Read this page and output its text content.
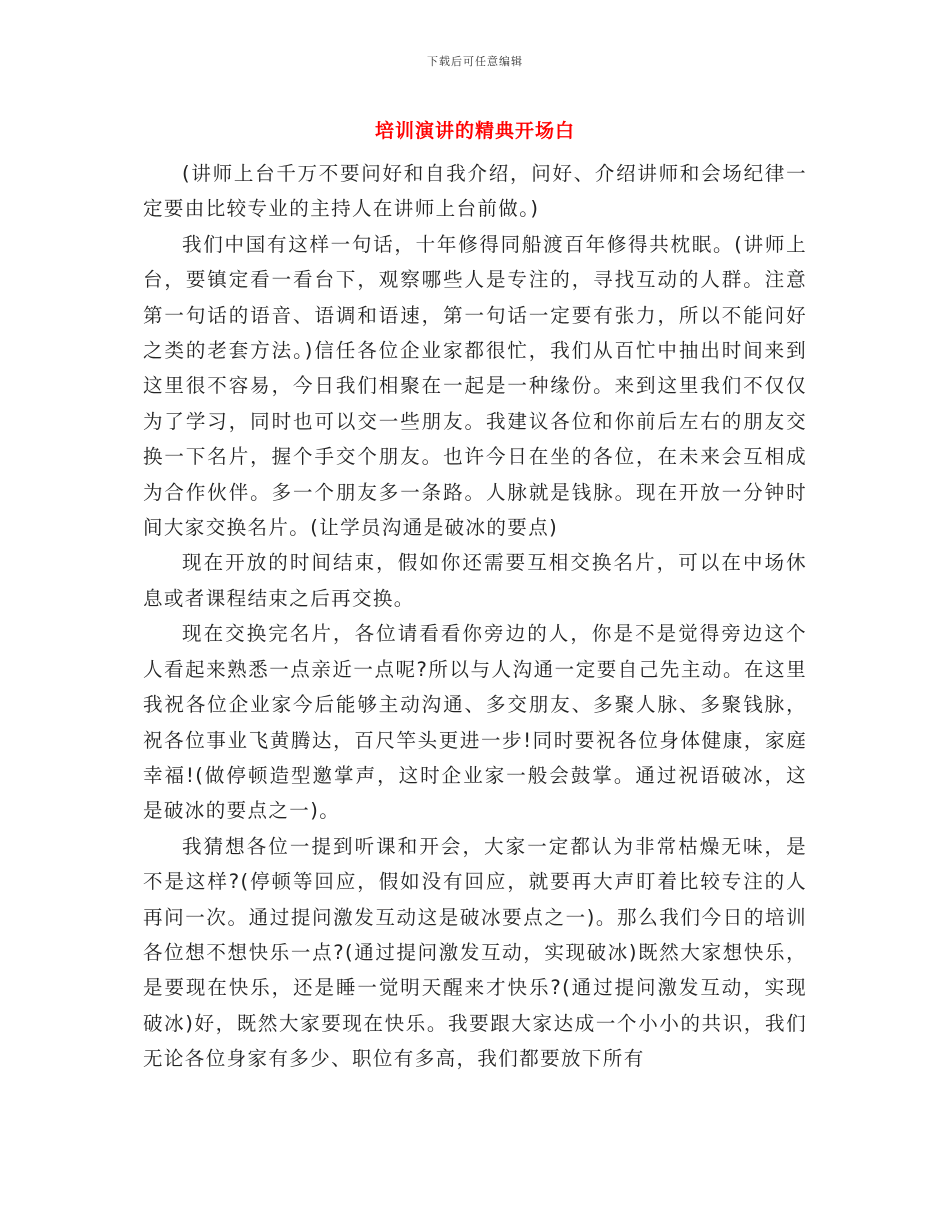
下载后可任意编辑
培训演讲的精典开场白

(讲师上台千万不要问好和自我介绍，问好、介绍讲师和会场纪律一定要由比较专业的主持人在讲师上台前做。)

我们中国有这样一句话，十年修得同船渡百年修得共枕眠。(讲师上台，要镇定看一看台下，观察哪些人是专注的，寻找互动的人群。注意第一句话的语音、语调和语速，第一句话一定要有张力，所以不能问好之类的老套方法。)信任各位企业家都很忙，我们从百忙中抽出时间来到这里很不容易，今日我们相聚在一起是一种缘份。来到这里我们不仅仅为了学习，同时也可以交一些朋友。我建议各位和你前后左右的朋友交换一下名片，握个手交个朋友。也许今日在坐的各位，在未来会互相成为合作伙伴。多一个朋友多一条路。人脉就是钱脉。现在开放一分钟时间大家交换名片。(让学员沟通是破冰的要点)

现在开放的时间结束，假如你还需要互相交换名片，可以在中场休息或者课程结束之后再交换。

现在交换完名片，各位请看看你旁边的人，你是不是觉得旁边这个人看起来熟悉一点亲近一点呢?所以与人沟通一定要自己先主动。在这里我祝各位企业家今后能够主动沟通、多交朋友、多聚人脉、多聚钱脉，祝各位事业飞黄腾达，百尺竿头更进一步!同时要祝各位身体健康，家庭幸福!(做停顿造型邀掌声，这时企业家一般会鼓掌。通过祝语破冰，这是破冰的要点之一)。

我猜想各位一提到听课和开会，大家一定都认为非常枯燥无味，是不是这样?(停顿等回应，假如没有回应，就要再大声盯着比较专注的人再问一次。通过提问激发互动这是破冰要点之一)。那么我们今日的培训各位想不想快乐一点?(通过提问激发互动，实现破冰)既然大家想快乐，是要现在快乐，还是睡一觉明天醒来才快乐?(通过提问激发互动，实现破冰)好，既然大家要现在快乐。我要跟大家达成一个小小的共识，我们无论各位身家有多少、职位有多高，我们都要放下所有
